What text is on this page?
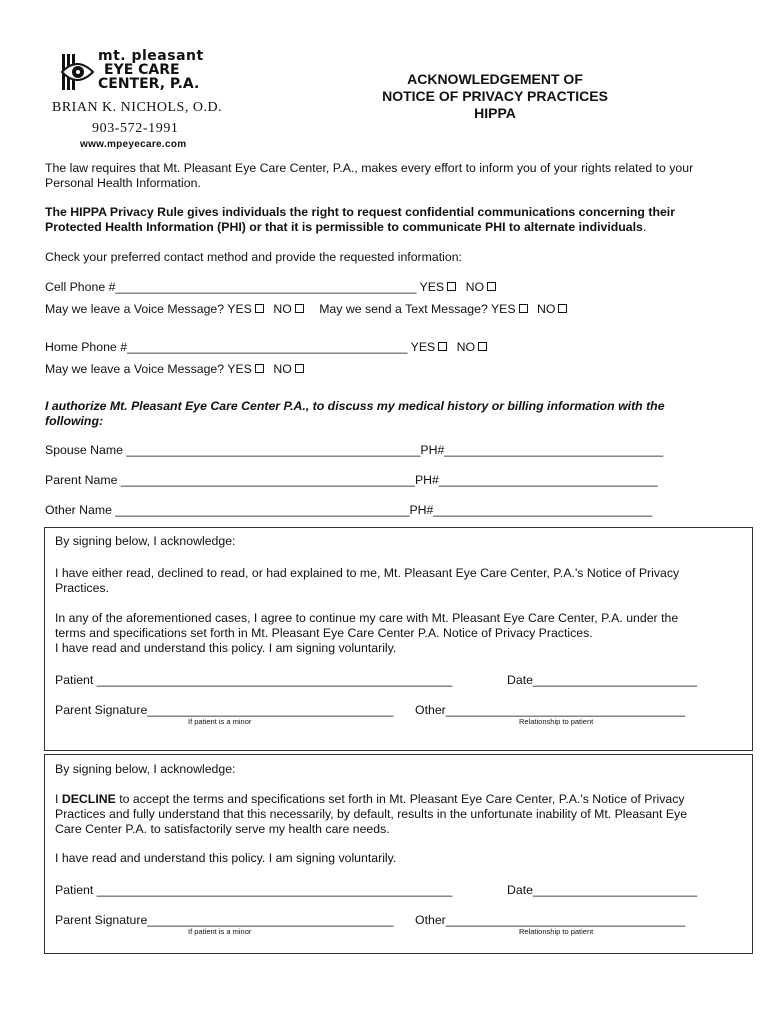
mt. pleasant
EYE CARE
CENTER, P.A.
BRIAN K. NICHOLS, O.D.
903-572-1991
www.mpeyecare.com
ACKNOWLEDGEMENT OF
NOTICE OF PRIVACY PRACTICES
HIPPA
The law requires that Mt. Pleasant Eye Care Center, P.A., makes every effort to inform you of your rights related to your
Personal Health Information.
The HIPPA Privacy Rule gives individuals the right to request confidential communications concerning their
Protected Health Information (PHI) or that it is permissible to communicate PHI to alternate individuals.
Check your preferred contact method and provide the requested information:
Cell Phone #____________________________________________ YES NO
May we leave a Voice Message? YES NO May we send a Text Message? YES NO
Home Phone #_________________________________________ YES NO
May we leave a Voice Message? YES NO
I authorize Mt. Pleasant Eye Care Center P.A., to discuss my medical history or billing information with the
following:
Spouse Name ___________________________________________PH#________________________________
Parent Name ___________________________________________PH#________________________________
Other Name ___________________________________________PH#________________________________
By signing below, I acknowledge:
I have either read, declined to read, or had explained to me, Mt. Pleasant Eye Care Center, P.A.'s Notice of Privacy
Practices.
In any of the aforementioned cases, I agree to continue my care with Mt. Pleasant Eye Care Center, P.A. under the
terms and specifications set forth in Mt. Pleasant Eye Care Center P.A. Notice of Privacy Practices.
I have read and understand this policy. I am signing voluntarily.
Patient ____________________________________________________	Date________________________
Parent Signature____________________________________
If patient is a minor
Other___________________________________
Relationship to patient
By signing below, I acknowledge:
I DECLINE to accept the terms and specifications set forth in Mt. Pleasant Eye Care Center, P.A.'s Notice of Privacy
Practices and fully understand that this necessarily, by default, results in the unfortunate inability of Mt. Pleasant Eye
Care Center P.A. to satisfactorily serve my health care needs.
I have read and understand this policy. I am signing voluntarily.
Patient ____________________________________________________	Date________________________
Parent Signature____________________________________
If patient is a minor
Other___________________________________
Relationship to patient
